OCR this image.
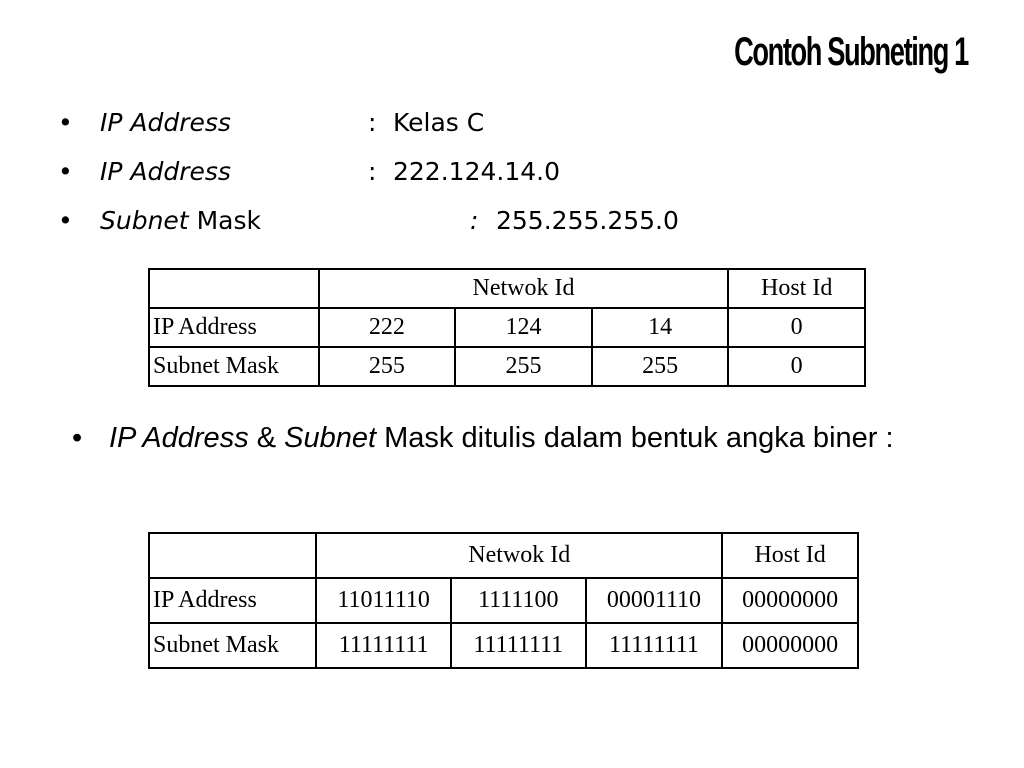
Contoh Subneting 1
• IP Address	: Kelas C
• IP Address	: 222.124.14.0
• Subnet Mask	: 255.255.255.0
	Netwok Id			Host Id
IP Address	222	124	14	0
Subnet Mask	255	255	255	0
• IP Address & Subnet Mask ditulis dalam bentuk angka biner :
	Netwok Id			Host Id
IP Address	11011110	1111100	00001110	00000000
Subnet Mask	11111111	11111111	11111111	00000000
